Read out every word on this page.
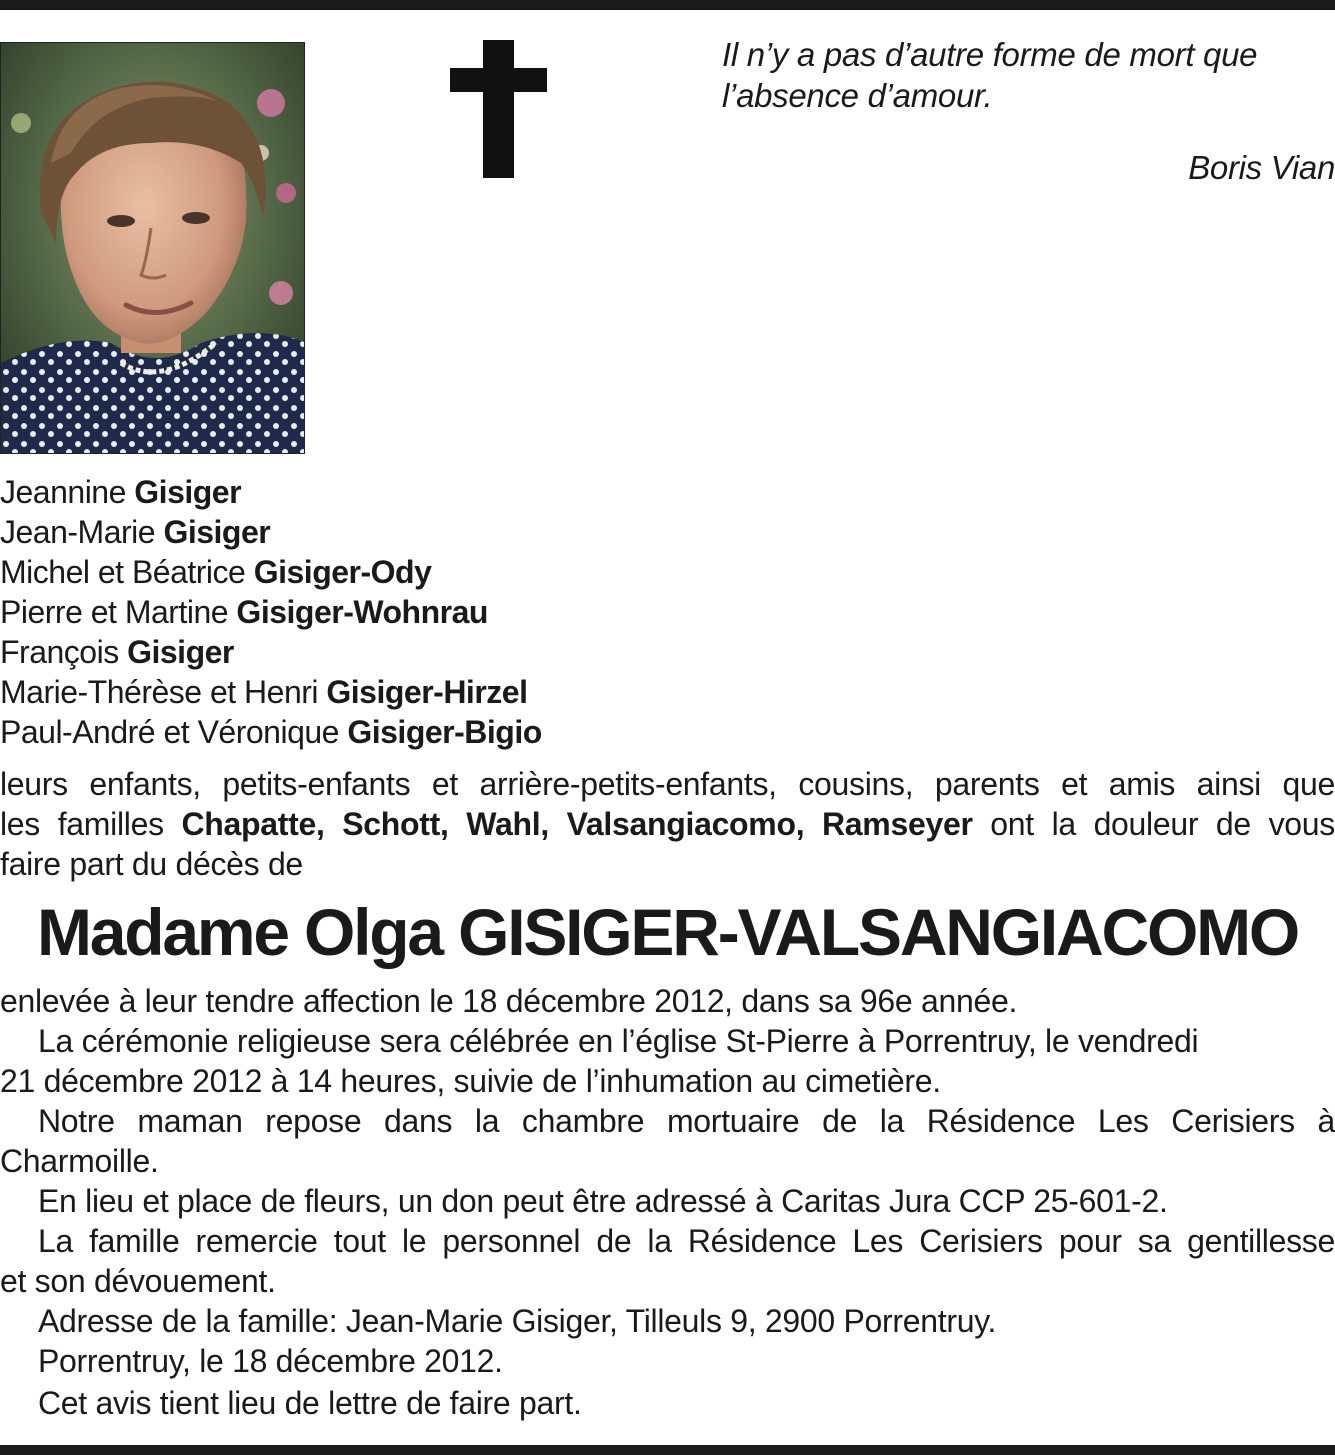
Il n’y a pas d’autre forme de mort que
l’absence d’amour.
Boris Vian
Jeannine Gisiger
Jean-Marie Gisiger
Michel et Béatrice Gisiger-Ody
Pierre et Martine Gisiger-Wohnrau
François Gisiger
Marie-Thérèse et Henri Gisiger-Hirzel
Paul-André et Véronique Gisiger-Bigio
leurs enfants, petits-enfants et arrière-petits-enfants, cousins, parents et amis ainsi que
les familles Chapatte, Schott, Wahl, Valsangiacomo, Ramseyer ont la douleur de vous
faire part du décès de
Madame Olga GISIGER-VALSANGIACOMO
enlevée à leur tendre affection le 18 décembre 2012, dans sa 96e année.
La cérémonie religieuse sera célébrée en l’église St-Pierre à Porrentruy, le vendredi
21 décembre 2012 à 14 heures, suivie de l’inhumation au cimetière.
Notre maman repose dans la chambre mortuaire de la Résidence Les Cerisiers à
Charmoille.
En lieu et place de fleurs, un don peut être adressé à Caritas Jura CCP 25-601-2.
La famille remercie tout le personnel de la Résidence Les Cerisiers pour sa gentillesse
et son dévouement.
Adresse de la famille: Jean-Marie Gisiger, Tilleuls 9, 2900 Porrentruy.
Porrentruy, le 18 décembre 2012.
Cet avis tient lieu de lettre de faire part.
